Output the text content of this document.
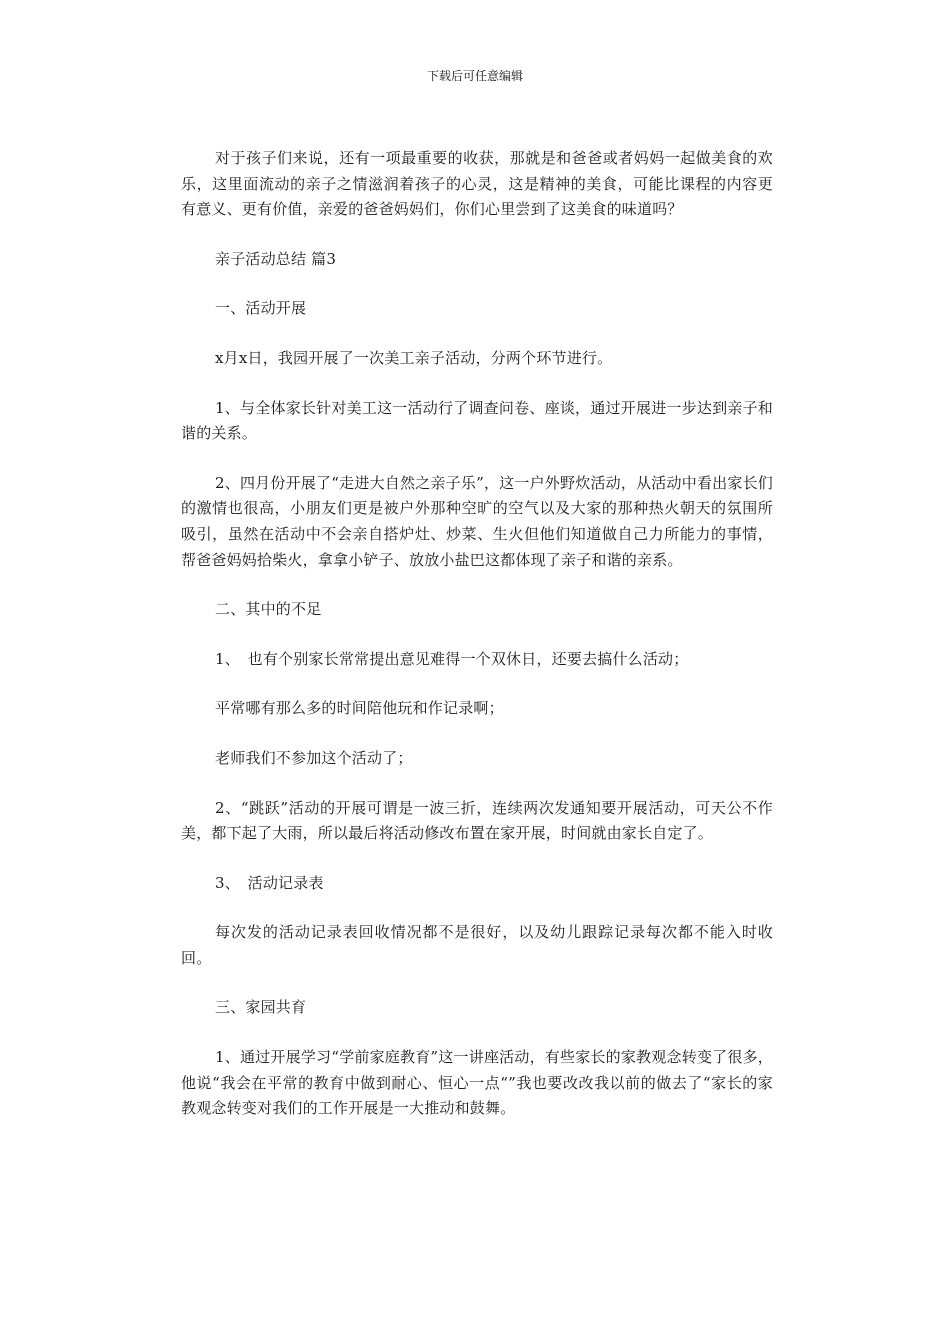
下载后可任意编辑

对于孩子们来说，还有一项最重要的收获，那就是和爸爸或者妈妈一起做美食的欢乐，这里面流动的亲子之情滋润着孩子的心灵，这是精神的美食，可能比课程的内容更有意义、更有价值，亲爱的爸爸妈妈们，你们心里尝到了这美食的味道吗？

亲子活动总结 篇3

一、活动开展

x月x日，我园开展了一次美工亲子活动，分两个环节进行。

1、与全体家长针对美工这一活动行了调查问卷、座谈，通过开展进一步达到亲子和谐的关系。

2、四月份开展了“走进大自然之亲子乐”，这一户外野炊活动，从活动中看出家长们的激情也很高，小朋友们更是被户外那种空旷的空气以及大家的那种热火朝天的氛围所吸引，虽然在活动中不会亲自搭炉灶、炒菜、生火但他们知道做自己力所能力的事情，帮爸爸妈妈拾柴火，拿拿小铲子、放放小盐巴这都体现了亲子和谐的亲系。

二、其中的不足

1、　也有个别家长常常提出意见难得一个双休日，还要去搞什么活动；

平常哪有那么多的时间陪他玩和作记录啊；

老师我们不参加这个活动了；

2、“跳跃”活动的开展可谓是一波三折，连续两次发通知要开展活动，可天公不作美，都下起了大雨，所以最后将活动修改布置在家开展，时间就由家长自定了。

3、　活动记录表

每次发的活动记录表回收情况都不是很好，以及幼儿跟踪记录每次都不能入时收回。

三、家园共育

1、通过开展学习“学前家庭教育”这一讲座活动，有些家长的家教观念转变了很多，他说“我会在平常的教育中做到耐心、恒心一点“”我也要改改我以前的做去了“家长的家教观念转变对我们的工作开展是一大推动和鼓舞。
